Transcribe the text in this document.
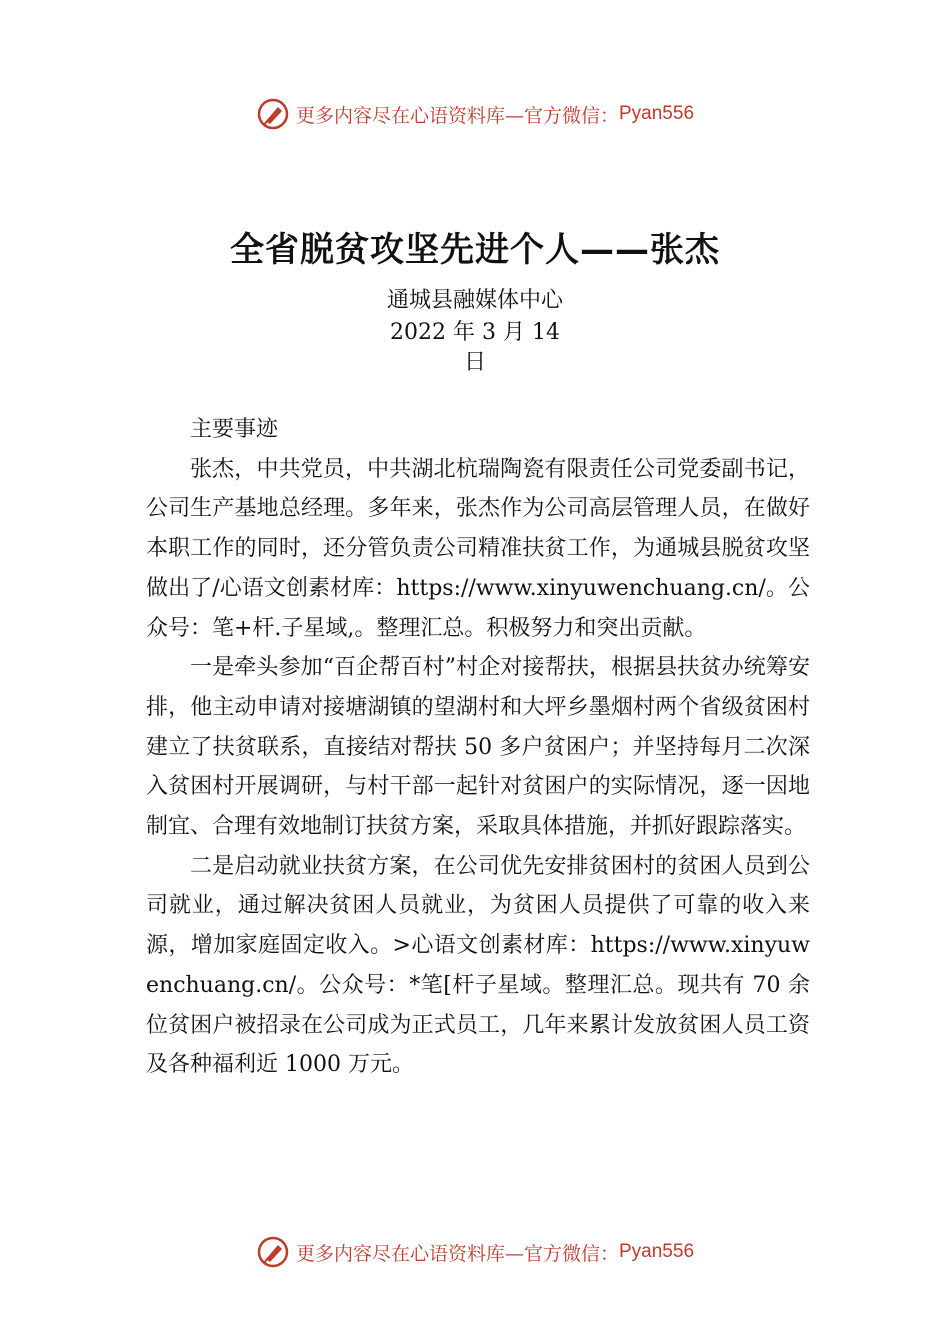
更多内容尽在心语资料库—官方微信： Pyan556
全省脱贫攻坚先进个人——张杰
通城县融媒体中心
2022 年 3 月 14
日

主要事迹

张杰，中共党员，中共湖北杭瑞陶瓷有限责任公司党委副书记，公司生产基地总经理。多年来，张杰作为公司高层管理人员，在做好本职工作的同时，还分管负责公司精准扶贫工作，为通城县脱贫攻坚做出了/心语文创素材库：https://www.xinyuwenchuang.cn/。公众号：笔+杆.子星域,。整理汇总。积极努力和突出贡献。

一是牵头参加“百企帮百村”村企对接帮扶，根据县扶贫办统筹安排，他主动申请对接塘湖镇的望湖村和大坪乡墨烟村两个省级贫困村建立了扶贫联系，直接结对帮扶 50 多户贫困户；并坚持每月二次深入贫困村开展调研，与村干部一起针对贫困户的实际情况，逐一因地制宜、合理有效地制订扶贫方案，采取具体措施，并抓好跟踪落实。

二是启动就业扶贫方案，在公司优先安排贫困村的贫困人员到公司就业，通过解决贫困人员就业，为贫困人员提供了可靠的收入来源，增加家庭固定收入。>心语文创素材库：https://www.xinyuwenchuang.cn/。公众号：*笔[杆子星域。整理汇总。现共有 70 余位贫困户被招录在公司成为正式员工，几年来累计发放贫困人员工资及各种福利近 1000 万元。

更多内容尽在心语资料库—官方微信： Pyan556
